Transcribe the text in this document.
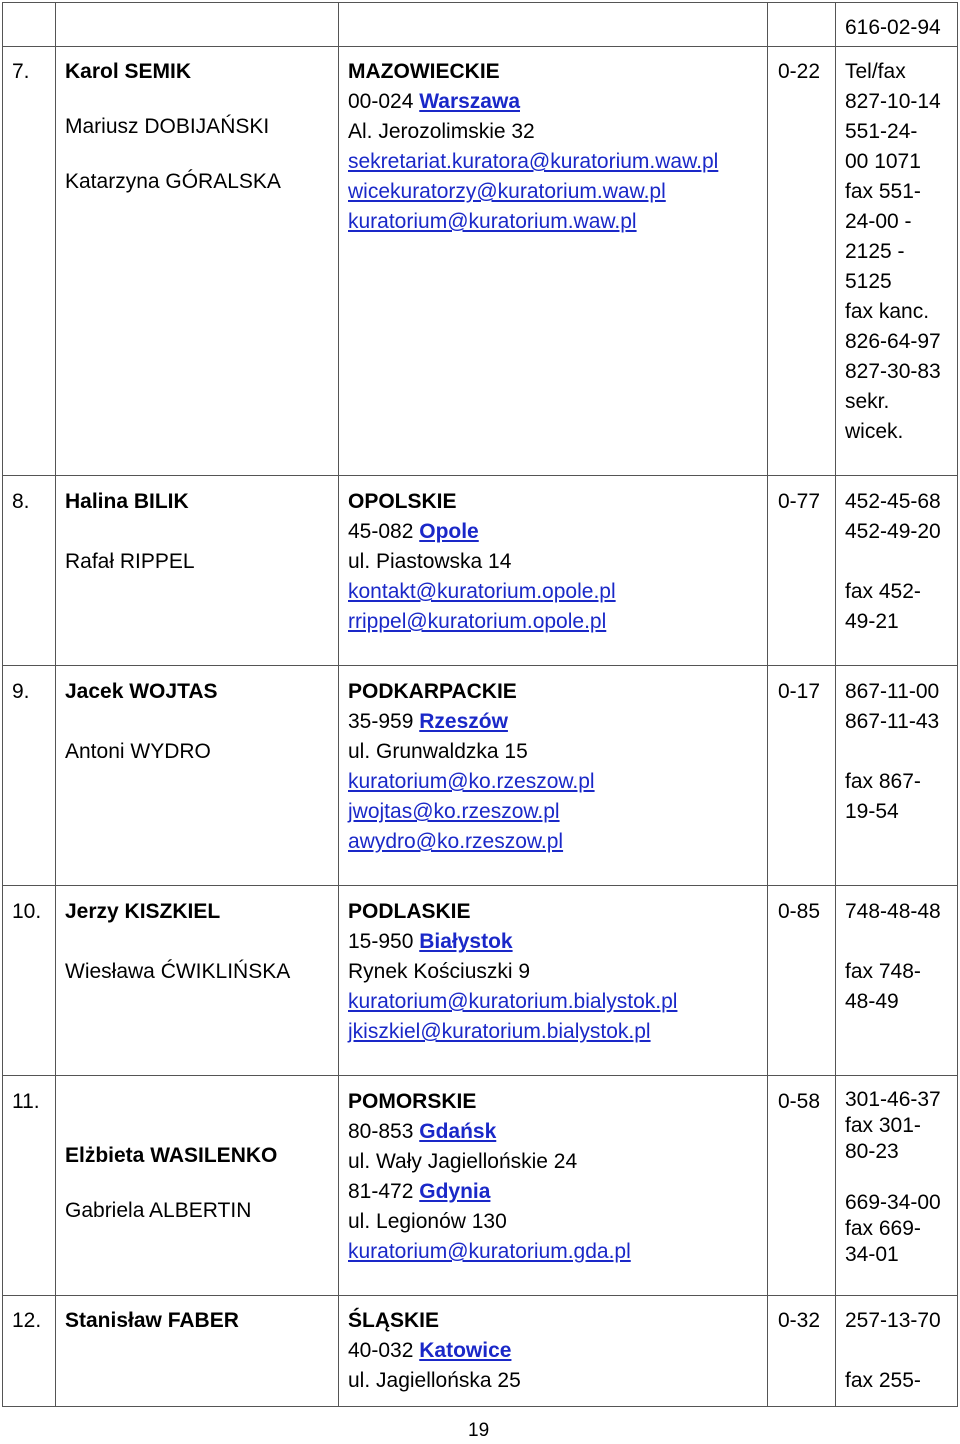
616-02-94
7. Karol SEMIK
Mariusz DOBIJAŃSKI
Katarzyna GÓRALSKA
MAZOWIECKIE
00-024 Warszawa
Al. Jerozolimskie 32
sekretariat.kuratora@kuratorium.waw.pl
wicekuratorzy@kuratorium.waw.pl
kuratorium@kuratorium.waw.pl
0-22 Tel/fax
827-10-14
551-24-
00 1071
fax 551-
24-00 -
2125 -
5125
fax kanc.
826-64-97
827-30-83
sekr.
wicek.
8. Halina BILIK
Rafał RIPPEL
OPOLSKIE
45-082 Opole
ul. Piastowska 14
kontakt@kuratorium.opole.pl
rrippel@kuratorium.opole.pl
0-77 452-45-68
452-49-20
fax 452-
49-21
9. Jacek WOJTAS
Antoni WYDRO
PODKARPACKIE
35-959 Rzeszów
ul. Grunwaldzka 15
kuratorium@ko.rzeszow.pl
jwojtas@ko.rzeszow.pl
awydro@ko.rzeszow.pl
0-17 867-11-00
867-11-43
fax 867-
19-54
10. Jerzy KISZKIEL
Wiesława ĆWIKLIŃSKA
PODLASKIE
15-950 Białystok
Rynek Kościuszki 9
kuratorium@kuratorium.bialystok.pl
jkiszkiel@kuratorium.bialystok.pl
0-85 748-48-48
fax 748-
48-49
11.
Elżbieta WASILENKO
Gabriela ALBERTIN
POMORSKIE
80-853 Gdańsk
ul. Wały Jagiellońskie 24
81-472 Gdynia
ul. Legionów 130
kuratorium@kuratorium.gda.pl
0-58 301-46-37
fax 301-
80-23
669-34-00
fax 669-
34-01
12. Stanisław FABER	ŚLĄSKIE
40-032 Katowice
ul. Jagiellońska 25
0-32 257-13-70
fax 255-
19
